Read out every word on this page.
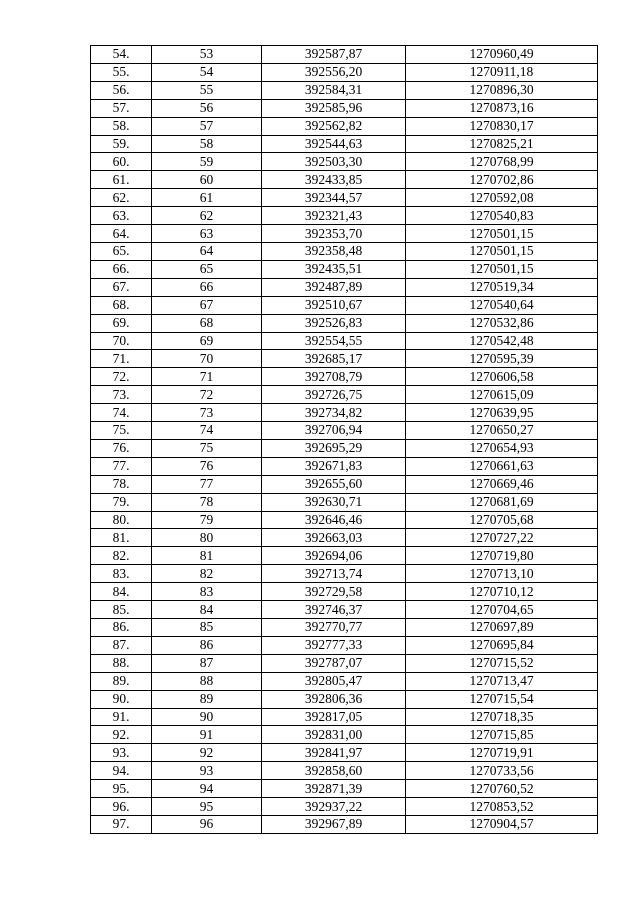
54.	53	392587,87	1270960,49
55.	54	392556,20	1270911,18
56.	55	392584,31	1270896,30
57.	56	392585,96	1270873,16
58.	57	392562,82	1270830,17
59.	58	392544,63	1270825,21
60.	59	392503,30	1270768,99
61.	60	392433,85	1270702,86
62.	61	392344,57	1270592,08
63.	62	392321,43	1270540,83
64.	63	392353,70	1270501,15
65.	64	392358,48	1270501,15
66.	65	392435,51	1270501,15
67.	66	392487,89	1270519,34
68.	67	392510,67	1270540,64
69.	68	392526,83	1270532,86
70.	69	392554,55	1270542,48
71.	70	392685,17	1270595,39
72.	71	392708,79	1270606,58
73.	72	392726,75	1270615,09
74.	73	392734,82	1270639,95
75.	74	392706,94	1270650,27
76.	75	392695,29	1270654,93
77.	76	392671,83	1270661,63
78.	77	392655,60	1270669,46
79.	78	392630,71	1270681,69
80.	79	392646,46	1270705,68
81.	80	392663,03	1270727,22
82.	81	392694,06	1270719,80
83.	82	392713,74	1270713,10
84.	83	392729,58	1270710,12
85.	84	392746,37	1270704,65
86.	85	392770,77	1270697,89
87.	86	392777,33	1270695,84
88.	87	392787,07	1270715,52
89.	88	392805,47	1270713,47
90.	89	392806,36	1270715,54
91.	90	392817,05	1270718,35
92.	91	392831,00	1270715,85
93.	92	392841,97	1270719,91
94.	93	392858,60	1270733,56
95.	94	392871,39	1270760,52
96.	95	392937,22	1270853,52
97.	96	392967,89	1270904,57
